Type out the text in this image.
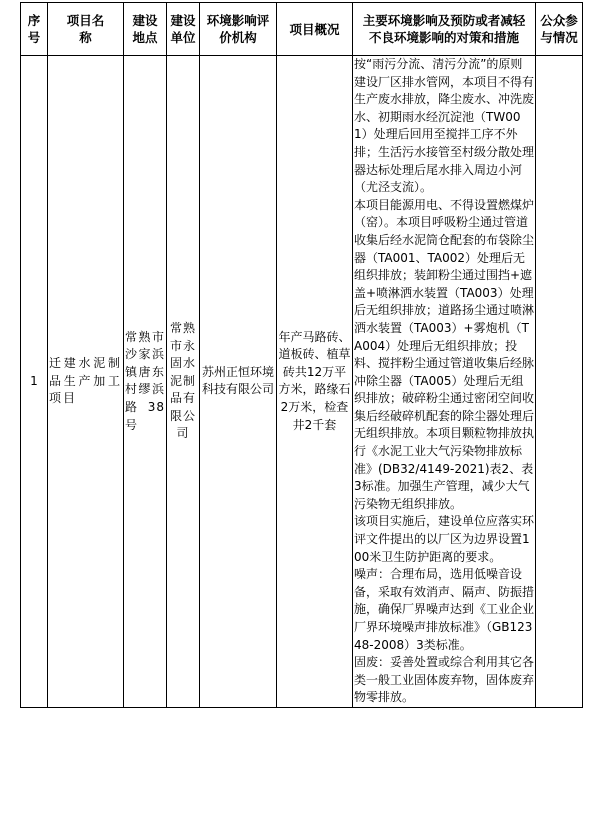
序号	项目名称	建设地点	建设单位	环境影响评价机构	项目概况	主要环境影响及预防或者减轻不良环境影响的对策和措施	公众参与情况
1	迁建水泥制品生产加工项目	常熟市沙家浜镇唐东村缪浜路38号	常熟市永固水泥制品有限公司	苏州正恒环境科技有限公司	年产马路砖、道板砖、植草砖共12万平方米，路缘石2万米，检查井2千套	按“雨污分流、清污分流”的原则建设厂区排水管网，本项目不得有生产废水排放，降尘废水、冲洗废水、初期雨水经沉淀池（TW001）处理后回用至搅拌工序不外排；生活污水接管至村级分散处理器达标处理后尾水排入周边小河（尤泾支流）。
本项目能源用电、不得设置燃煤炉（窑）。本项目呼吸粉尘通过管道收集后经水泥筒仓配套的布袋除尘器（TA001、TA002）处理后无组织排放；装卸粉尘通过围挡+遮盖+喷淋洒水装置（TA003）处理后无组织排放；道路扬尘通过喷淋洒水装置（TA003）+雾炮机（TA004）处理后无组织排放；投料、搅拌粉尘通过管道收集后经脉冲除尘器（TA005）处理后无组织排放；破碎粉尘通过密闭空间收集后经破碎机配套的除尘器处理后无组织排放。本项目颗粒物排放执行《水泥工业大气污染物排放标准》(DB32/4149-2021)表2、表3标准。加强生产管理，减少大气污染物无组织排放。
该项目实施后，建设单位应落实环评文件提出的以厂区为边界设置100米卫生防护距离的要求。
噪声：合理布局，选用低噪音设备，采取有效消声、隔声、防振措施，确保厂界噪声达到《工业企业厂界环境噪声排放标准》（GB12348-2008）3类标准。
固废：妥善处置或综合利用其它各类一般工业固体废弃物，固体废弃物零排放。	
